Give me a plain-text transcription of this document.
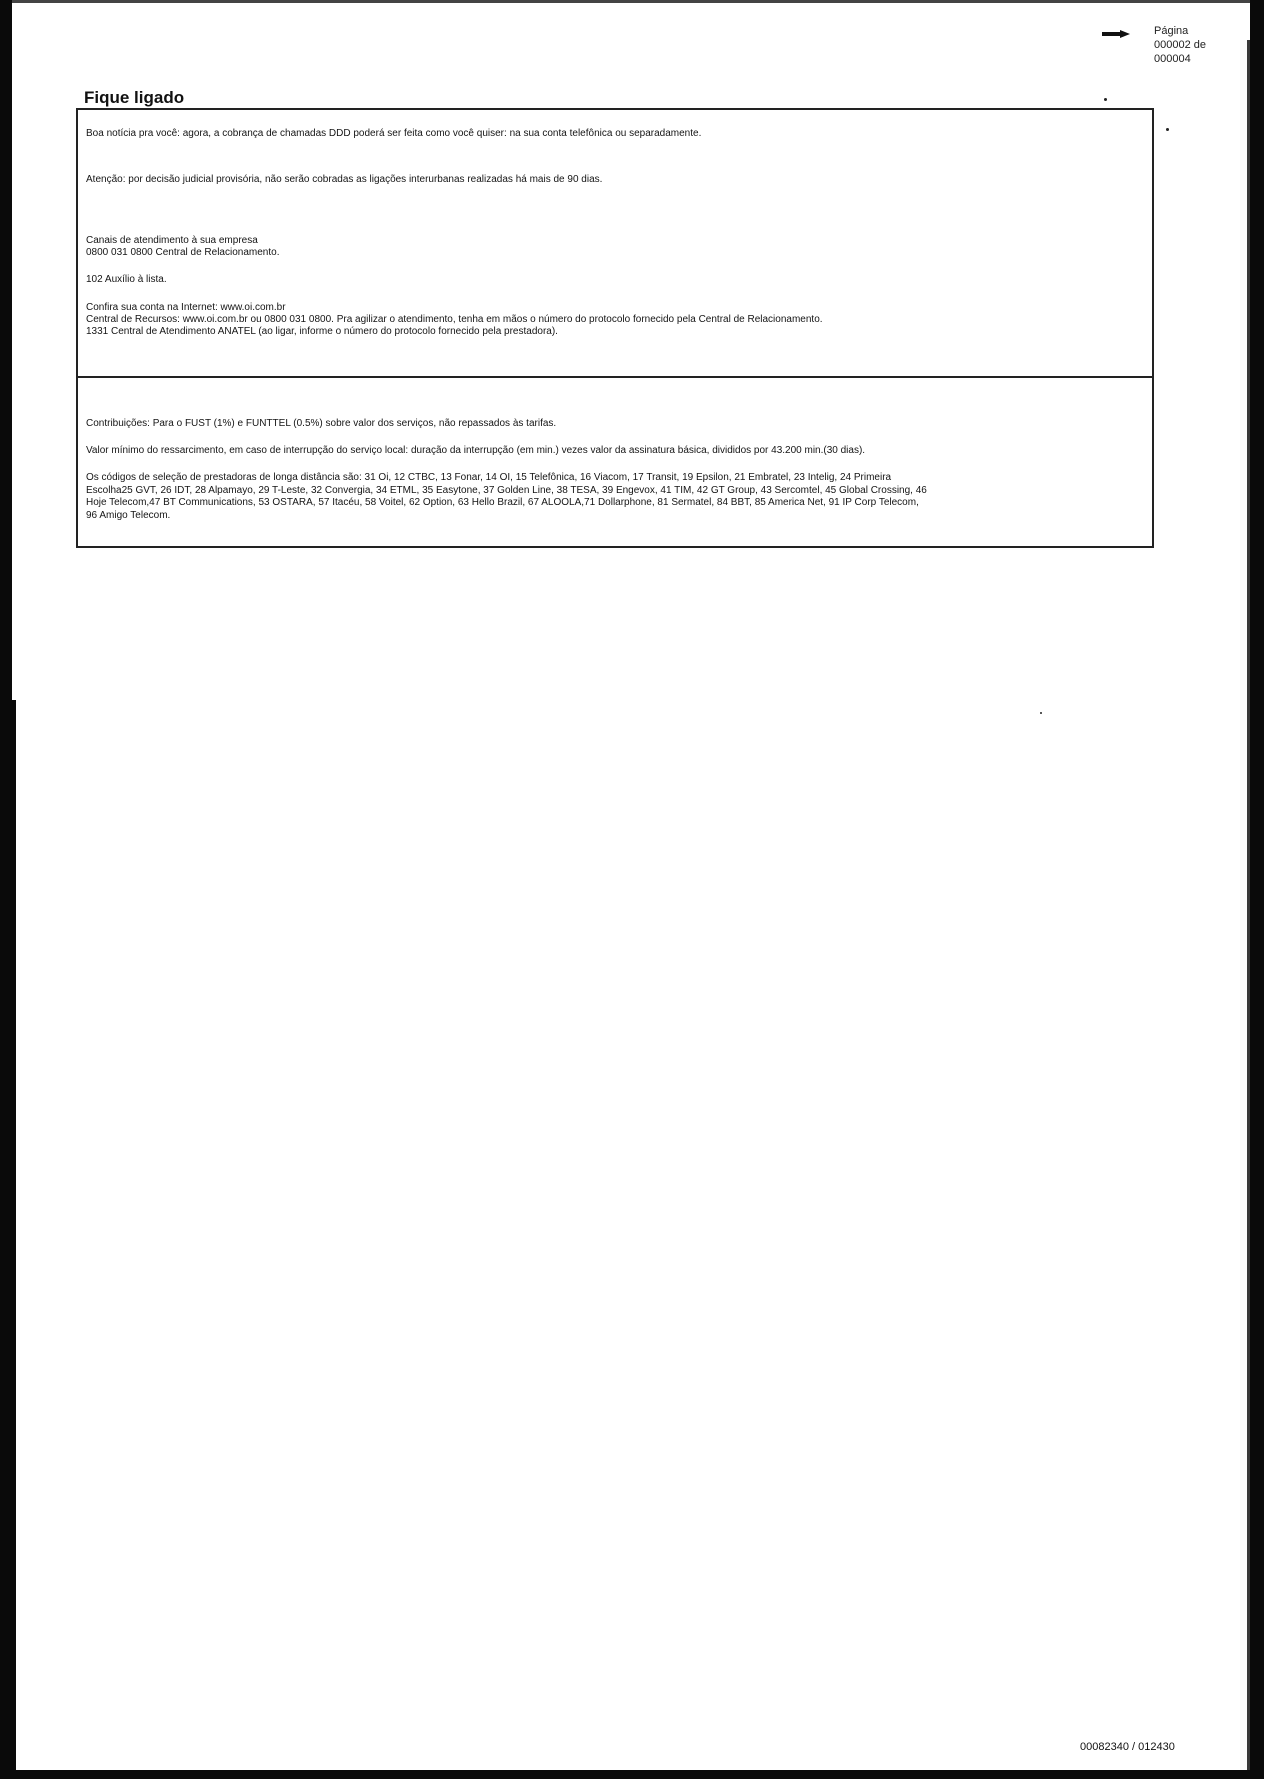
Página
000002 de
000004
Fique ligado
Boa notícia pra você: agora, a cobrança de chamadas DDD poderá ser feita como você quiser: na sua conta telefônica ou separadamente.
Atenção: por decisão judicial provisória, não serão cobradas as ligações interurbanas realizadas há mais de 90 dias.
Canais de atendimento à sua empresa
0800 031 0800 Central de Relacionamento.
102 Auxílio à lista.
Confira sua conta na Internet: www.oi.com.br
Central de Recursos: www.oi.com.br ou 0800 031 0800. Pra agilizar o atendimento, tenha em mãos o número do protocolo fornecido pela Central de Relacionamento.
1331 Central de Atendimento ANATEL (ao ligar, informe o número do protocolo fornecido pela prestadora).
Contribuições: Para o FUST (1%) e FUNTTEL (0.5%) sobre valor dos serviços, não repassados às tarifas.
Valor mínimo do ressarcimento, em caso de interrupção do serviço local: duração da interrupção (em min.) vezes valor da assinatura básica, divididos por 43.200 min.(30 dias).
Os códigos de seleção de prestadoras de longa distância são: 31 Oi, 12 CTBC, 13 Fonar, 14 OI, 15 Telefônica, 16 Viacom, 17 Transit, 19 Epsilon, 21 Embratel, 23 Intelig, 24 Primeira
Escolha25 GVT, 26 IDT, 28 Alpamayo, 29 T-Leste, 32 Convergia, 34 ETML, 35 Easytone, 37 Golden Line, 38 TESA, 39 Engevox, 41 TIM, 42 GT Group, 43 Sercomtel, 45 Global Crossing, 46
Hoje Telecom,47 BT Communications, 53 OSTARA, 57 Itacéu, 58 Voitel, 62 Option, 63 Hello Brazil, 67 ALOOLA,71 Dollarphone, 81 Sermatel, 84 BBT, 85 America Net, 91 IP Corp Telecom,
96 Amigo Telecom.
00082340 / 012430
